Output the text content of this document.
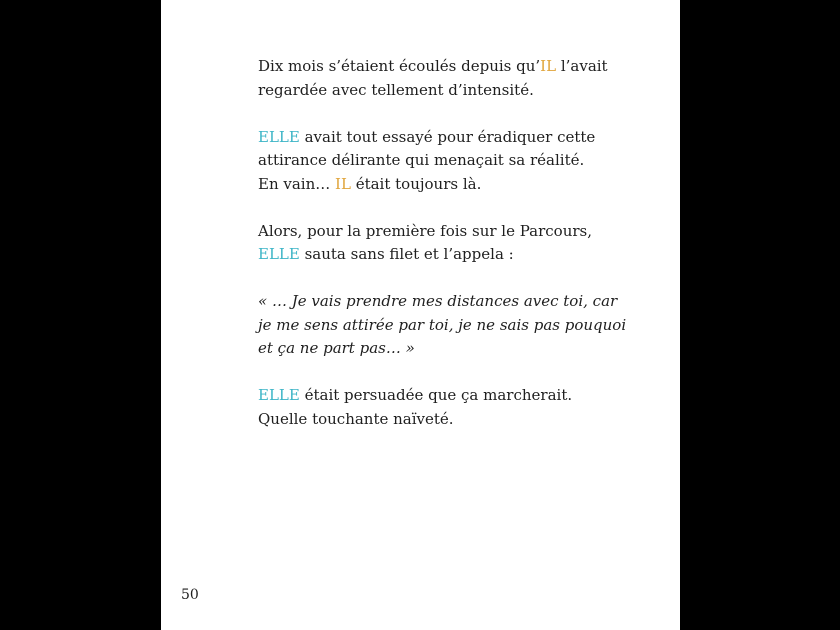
Dix mois s’étaient écoulés depuis qu’IL l’avait
regardée avec tellement d’intensité.

ELLE avait tout essayé pour éradiquer cette
attirance délirante qui menaçait sa réalité.
En vain… IL était toujours là.

Alors, pour la première fois sur le Parcours,
ELLE sauta sans filet et l’appela :

« … Je vais prendre mes distances avec toi, car
je me sens attirée par toi, je ne sais pas pouquoi
et ça ne part pas… »

ELLE était persuadée que ça marcherait.
Quelle touchante naïveté.

50
